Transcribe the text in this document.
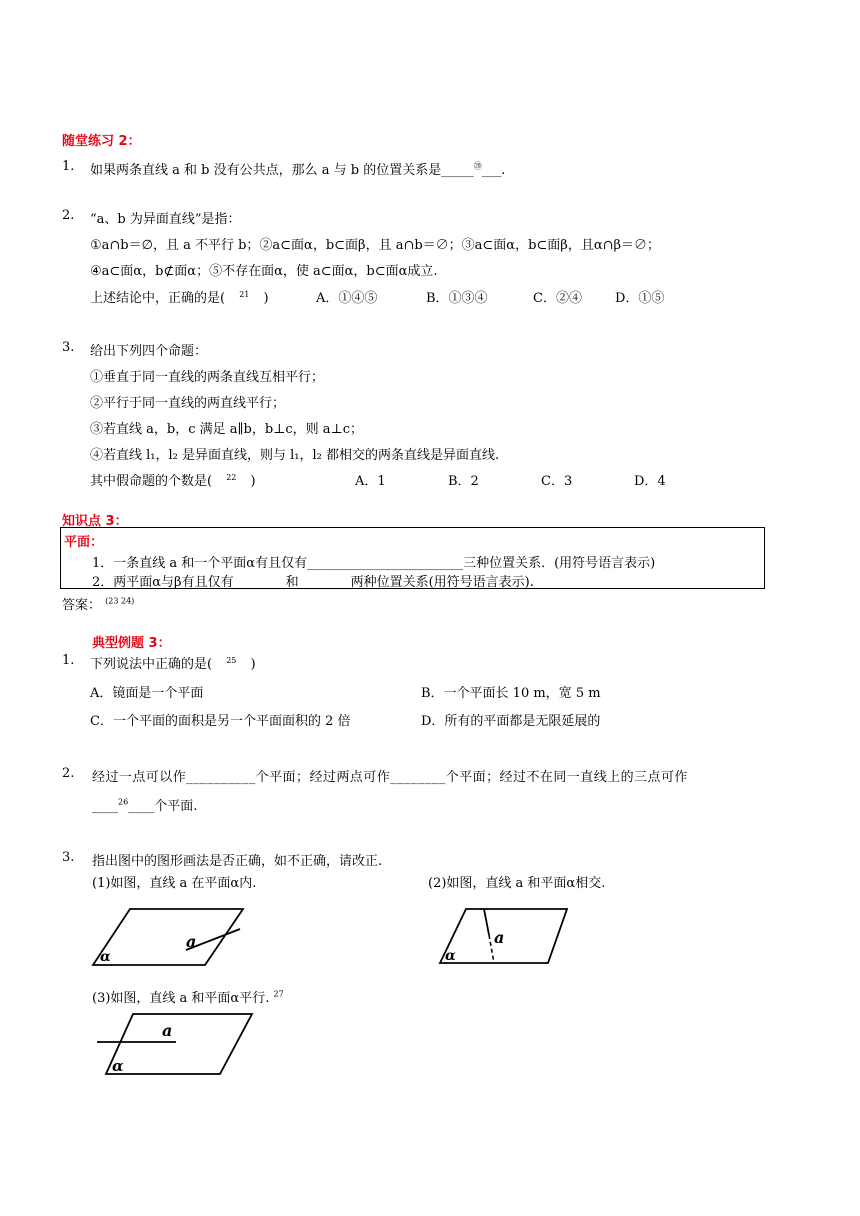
随堂练习 2：
1. 如果两条直线 a 和 b 没有公共点，那么 a 与 b 的位置关系是_____⑳___.
2. “a、b 为异面直线”是指：
①a∩b＝∅，且 a 不平行 b；②a⊂面α，b⊂面β，且 a∩b＝∅；③a⊂面α，b⊂面β，且α∩β＝∅；
④a⊂面α，b⊄面α；⑤不存在面α，使 a⊂面α，b⊂面α成立.
上述结论中，正确的是( $^{21}$ )	A．①④⑤	B．①③④	C．②④	D．①⑤
3. 给出下列四个命题：
①垂直于同一直线的两条直线互相平行；
②平行于同一直线的两直线平行；
③若直线 a，b，c 满足 a∥b，b⊥c，则 a⊥c；
④若直线 l₁，l₂ 是异面直线，则与 l₁，l₂ 都相交的两条直线是异面直线.
其中假命题的个数是( $^{22}$ )	A．1	B．2	C．3	D．4
知识点 3：
平面：
1．一条直线 a 和一个平面α有且仅有________________________三种位置关系．(用符号语言表示)
2．两平面α与β有且仅有________和________两种位置关系(用符号语言表示).
答案： $^{(23 24)}$
典型例题 3：
1. 下列说法中正确的是( $^{25}$ )
A．镜面是一个平面	B．一个平面长 10 m，宽 5 m
C．一个平面的面积是另一个平面面积的 2 倍	D．所有的平面都是无限延展的
2. 经过一点可以作__________个平面；经过两点可作________个平面；经过不在同一直线上的三点可作
____$^{26}$____个平面.
3. 指出图中的图形画法是否正确，如不正确，请改正.
(1)如图，直线 a 在平面α内.	(2)如图，直线 a 和平面α相交.
a
α
a
α
(3)如图，直线 a 和平面α平行. $^{27}$
a
α
